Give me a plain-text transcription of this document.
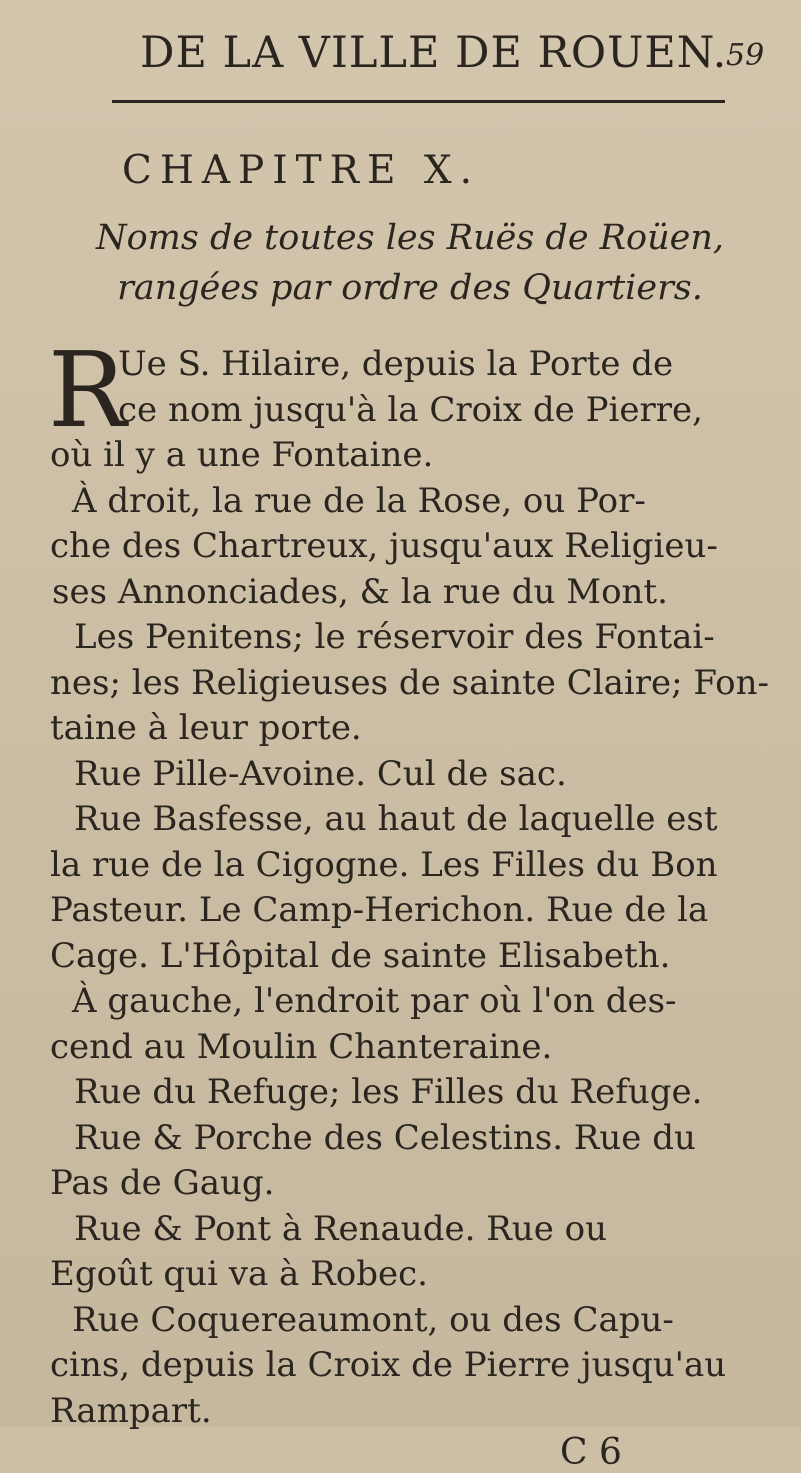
DE LA VILLE DE ROUEN.
59
CHAPITRE X.
Noms de toutes les Ruës de Roüen,
rangées par ordre des Quartiers.
R
Ue S. Hilaire, depuis la Porte de
ce nom jusqu'à la Croix de Pierre,
où il y a une Fontaine.
À droit, la rue de la Rose, ou Por-
che des Chartreux, jusqu'aux Religieu-
ses Annonciades, & la rue du Mont.
Les Penitens; le réservoir des Fontai-
nes; les Religieuses de sainte Claire; Fon-
taine à leur porte.
Rue Pille-Avoine. Cul de sac.
Rue Basfesse, au haut de laquelle est
la rue de la Cigogne. Les Filles du Bon
Pasteur. Le Camp-Herichon. Rue de la
Cage. L'Hôpital de sainte Elisabeth.
À gauche, l'endroit par où l'on des-
cend au Moulin Chanteraine.
Rue du Refuge; les Filles du Refuge.
Rue & Porche des Celestins. Rue du
Pas de Gaug.
Rue & Pont à Renaude. Rue ou
Egoût qui va à Robec.
Rue Coquereaumont, ou des Capu-
cins, depuis la Croix de Pierre jusqu'au
Rampart.
C 6
